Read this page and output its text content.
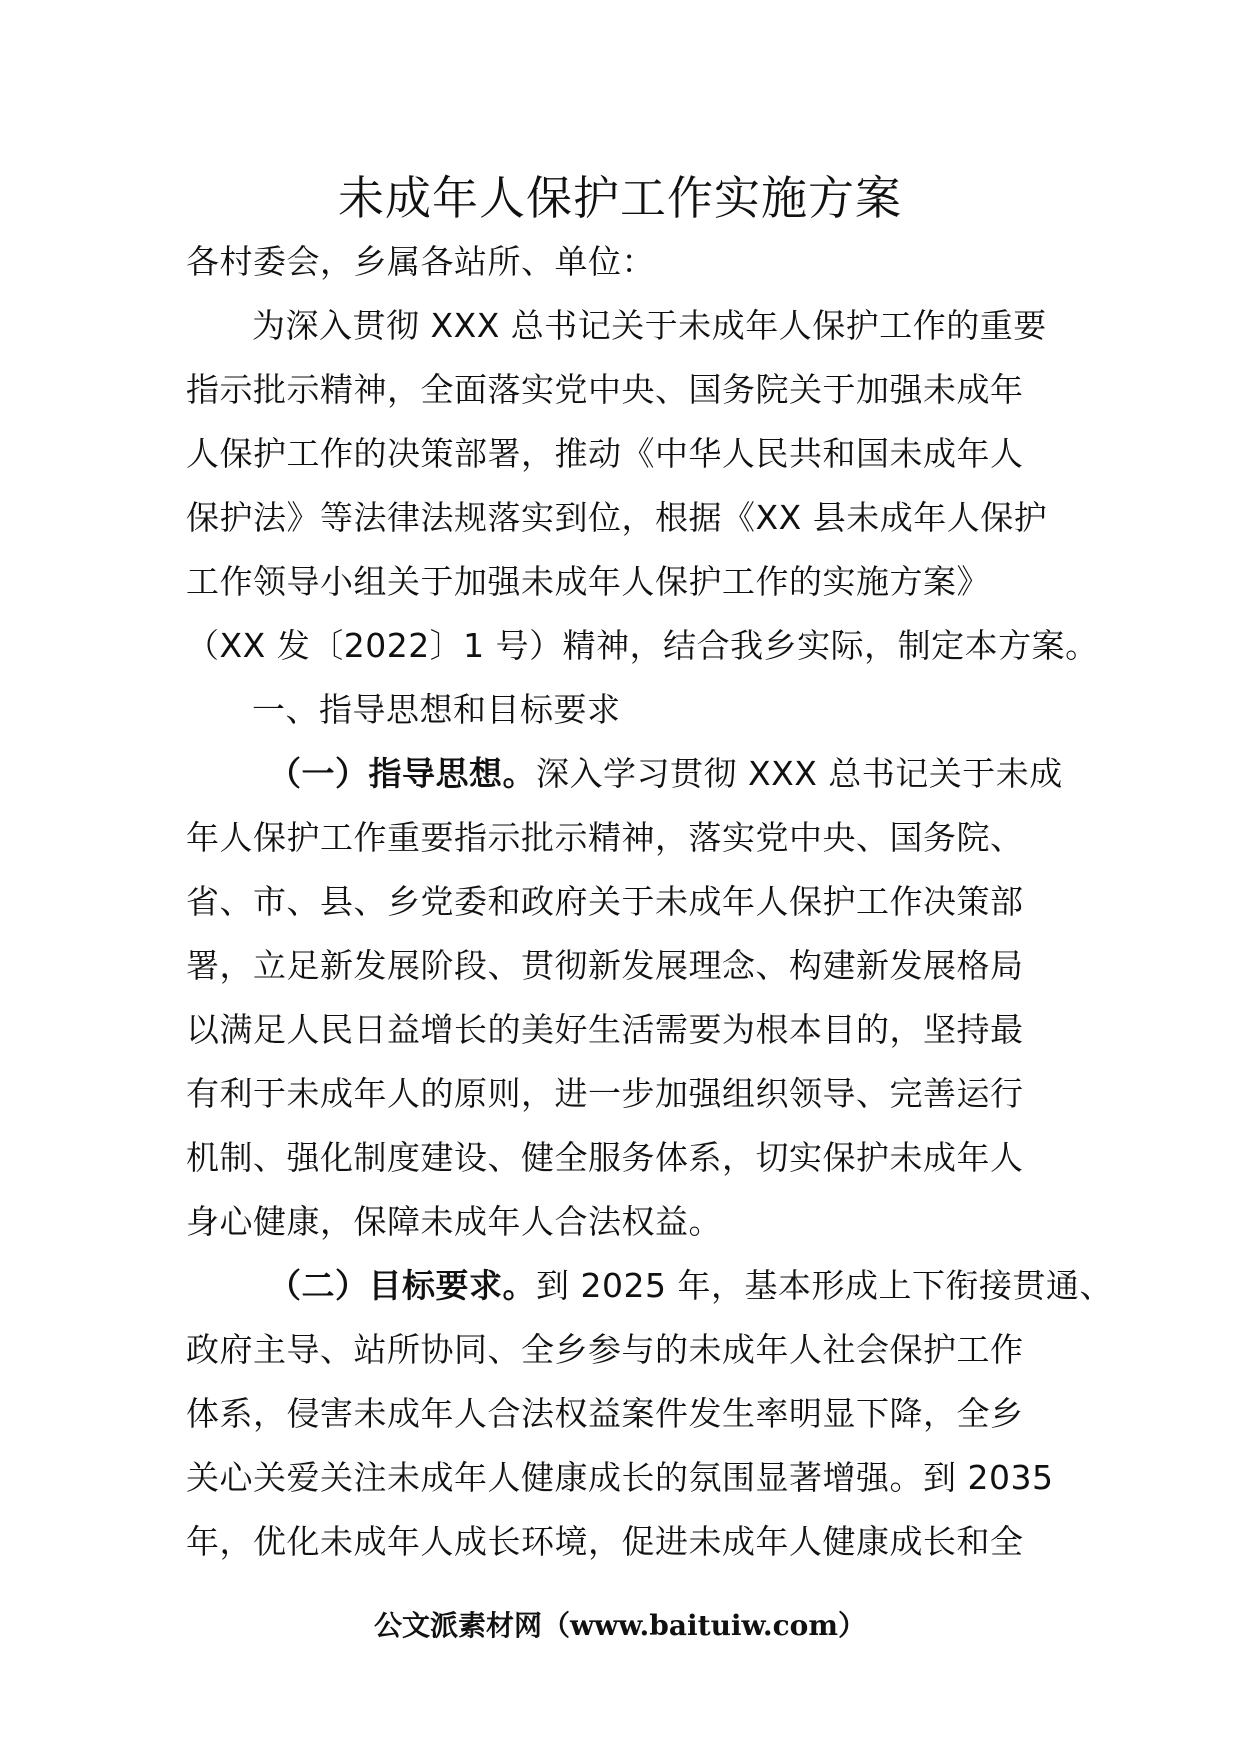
未成年人保护工作实施方案
各村委会，乡属各站所、单位：
为深入贯彻 XXX 总书记关于未成年人保护工作的重要
指示批示精神，全面落实党中央、国务院关于加强未成年
人保护工作的决策部署，推动《中华人民共和国未成年人
保护法》等法律法规落实到位，根据《XX 县未成年人保护
工作领导小组关于加强未成年人保护工作的实施方案》
（XX 发〔2022〕1 号）精神，结合我乡实际，制定本方案。
一、指导思想和目标要求
（一）指导思想。深入学习贯彻 XXX 总书记关于未成
年人保护工作重要指示批示精神，落实党中央、国务院、
省、市、县、乡党委和政府关于未成年人保护工作决策部
署，立足新发展阶段、贯彻新发展理念、构建新发展格局
以满足人民日益增长的美好生活需要为根本目的，坚持最
有利于未成年人的原则，进一步加强组织领导、完善运行
机制、强化制度建设、健全服务体系，切实保护未成年人
身心健康，保障未成年人合法权益。
（二）目标要求。到 2025 年，基本形成上下衔接贯通、
政府主导、站所协同、全乡参与的未成年人社会保护工作
体系，侵害未成年人合法权益案件发生率明显下降，全乡
关心关爱关注未成年人健康成长的氛围显著增强。到 2035
年，优化未成年人成长环境，促进未成年人健康成长和全
公文派素材网（www.baituiw.com）
